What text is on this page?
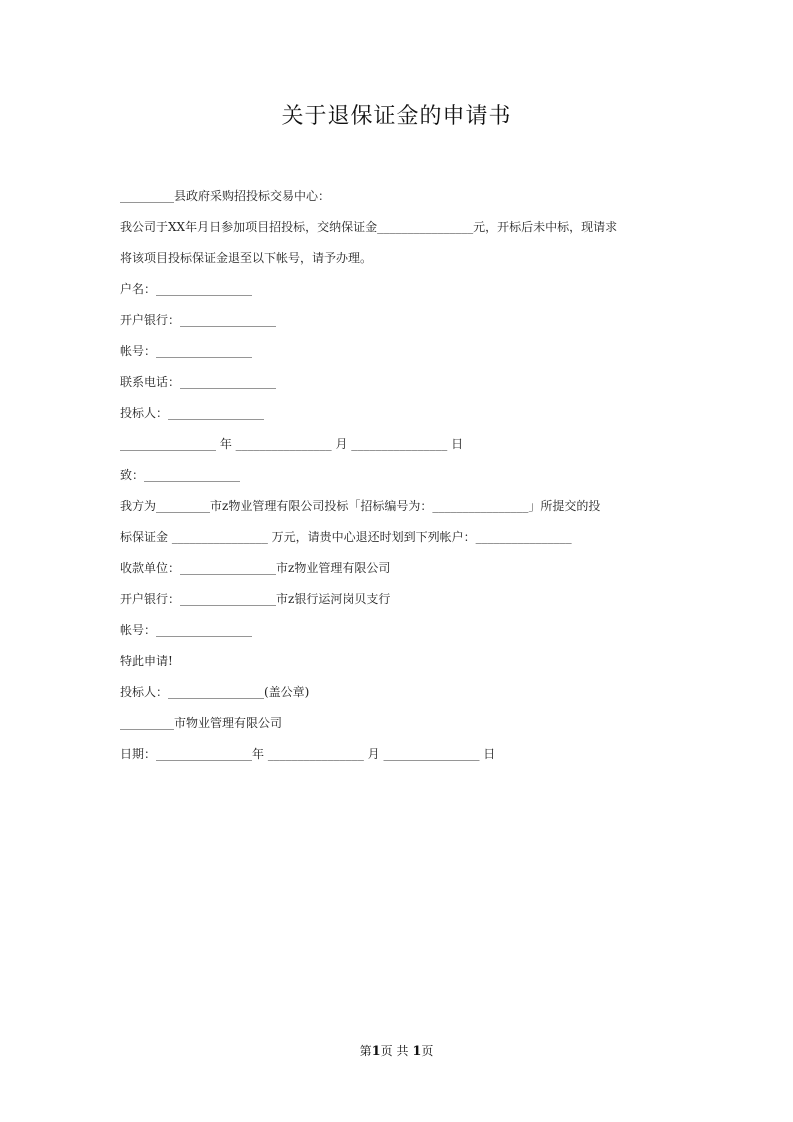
关于退保证金的申请书
_________县政府采购招投标交易中心：
我公司于XX年月日参加项目招投标，交纳保证金________________元，开标后未中标，现请求
将该项目投标保证金退至以下帐号，请予办理。
户名：________________
开户银行：________________
帐号：________________
联系电话：________________
投标人：________________
________________ 年 ________________ 月 ________________ 日
致：________________
我方为_________市z物业管理有限公司投标「招标编号为：________________」所提交的投
标保证金 ________________ 万元，请贵中心退还时划到下列帐户：________________
收款单位：________________市z物业管理有限公司
开户银行：________________市z银行运河岗贝支行
帐号：________________
特此申请!
投标人：________________(盖公章)
_________市物业管理有限公司
日期：________________年 ________________ 月 ________________ 日
第1页 共 1页
